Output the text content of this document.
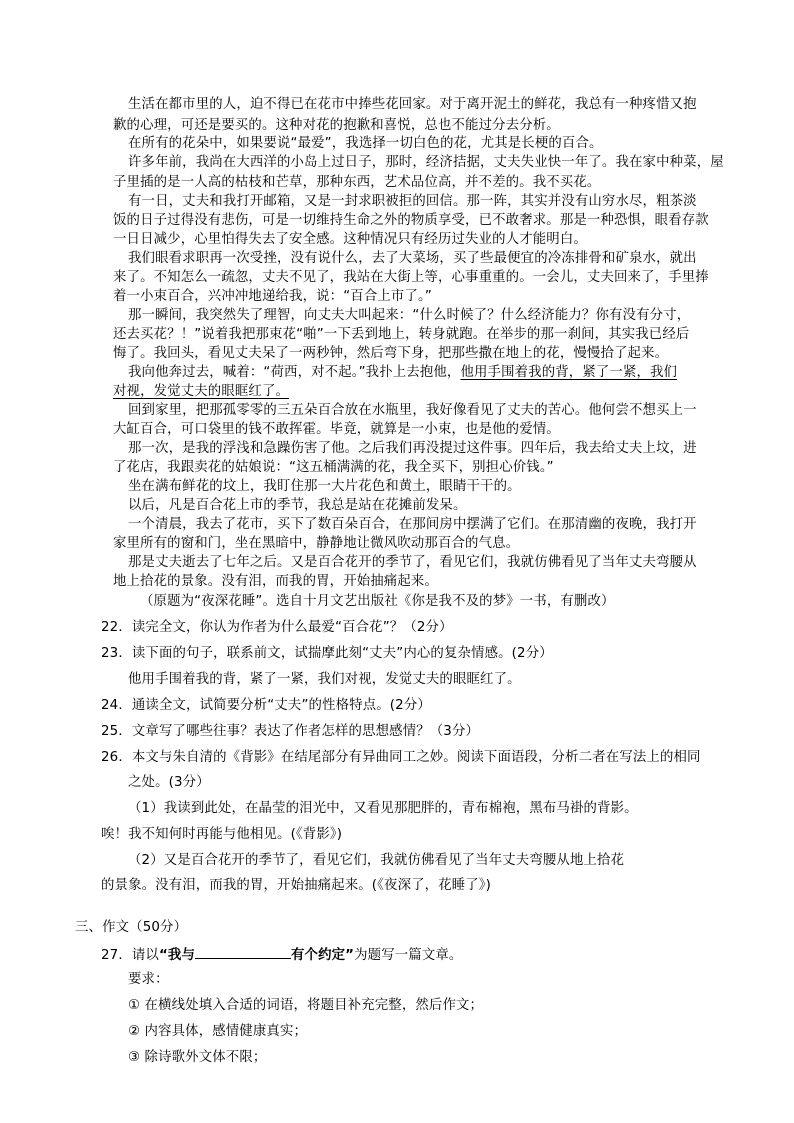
生活在都市里的人，迫不得已在花市中捧些花回家。对于离开泥土的鲜花，我总有一种疼惜又抱
歉的心理，可还是要买的。这种对花的抱歉和喜悦，总也不能过分去分析。
在所有的花朵中，如果要说“最爱”，我选择一切白色的花，尤其是长梗的百合。
许多年前，我尚在大西洋的小岛上过日子，那时，经济拮据，丈夫失业快一年了。我在家中种菜，屋
子里插的是一人高的枯枝和芒草，那种东西，艺术品位高，并不差的。我不买花。
有一日，丈夫和我打开邮箱，又是一封求职被拒的回信。那一阵，其实并没有山穷水尽，粗茶淡
饭的日子过得没有悲伤，可是一切维持生命之外的物质享受，已不敢奢求。那是一种恐惧，眼看存款
一日日减少，心里怕得失去了安全感。这种情况只有经历过失业的人才能明白。
我们眼看求职再一次受挫，没有说什么，去了大菜场，买了些最便宜的冷冻排骨和矿泉水，就出
来了。不知怎么一疏忽，丈夫不见了，我站在大街上等，心事重重的。一会儿，丈夫回来了，手里捧
着一小束百合，兴冲冲地递给我，说：“百合上市了。”
那一瞬间，我突然失了理智，向丈夫大叫起来：“什么时候了？什么经济能力？你有没有分寸，
还去买花？！”说着我把那束花“啪”一下丢到地上，转身就跑。在举步的那一刹间，其实我已经后
悔了。我回头，看见丈夫呆了一两秒钟，然后弯下身，把那些撒在地上的花，慢慢拾了起来。
我向他奔过去，喊着：“荷西，对不起。”我扑上去抱他，他用手围着我的背，紧了一紧，我们
对视，发觉丈夫的眼眶红了。
回到家里，把那孤零零的三五朵百合放在水瓶里，我好像看见了丈夫的苦心。他何尝不想买上一
大缸百合，可口袋里的钱不敢挥霍。毕竟，就算是一小束，也是他的爱情。
那一次，是我的浮浅和急躁伤害了他。之后我们再没提过这件事。四年后，我去给丈夫上坟，进
了花店，我跟卖花的姑娘说：“这五桶满满的花，我全买下，别担心价钱。”
坐在满布鲜花的坟上，我盯住那一大片花色和黄土，眼睛干干的。
以后，凡是百合花上市的季节，我总是站在花摊前发呆。
一个清晨，我去了花市，买下了数百朵百合，在那间房中摆满了它们。在那清幽的夜晚，我打开
家里所有的窗和门，坐在黑暗中，静静地让微风吹动那百合的气息。
那是丈夫逝去了七年之后。又是百合花开的季节了，看见它们，我就仿佛看见了当年丈夫弯腰从
地上拾花的景象。没有泪，而我的胃，开始抽痛起来。
（原题为“夜深花睡”。选自十月文艺出版社《你是我不及的梦》一书，有删改）
22．读完全文，你认为作者为什么最爱“百合花”？（2分）
23．读下面的句子，联系前文，试揣摩此刻“丈夫”内心的复杂情感。(2分）
他用手围着我的背，紧了一紧，我们对视，发觉丈夫的眼眶红了。
24．通读全文，试简要分析“丈夫”的性格特点。(2分）
25．文章写了哪些往事？表达了作者怎样的思想感情？（3分）
26．本文与朱自清的《背影》在结尾部分有异曲同工之妙。阅读下面语段，分析二者在写法上的相同
之处。(3分）
（1）我读到此处，在晶莹的泪光中，又看见那肥胖的，青布棉袍，黑布马褂的背影。
唉！我不知何时再能与他相见。(《背影》)
（2）又是百合花开的季节了，看见它们，我就仿佛看见了当年丈夫弯腰从地上拾花
的景象。没有泪，而我的胃，开始抽痛起来。(《夜深了，花睡了》)
三、作文（50分）
27．请以“我与	有个约定”为题写一篇文章。
要求：
① 在横线处填入合适的词语，将题目补充完整，然后作文；
② 内容具体，感情健康真实；
③ 除诗歌外文体不限；
